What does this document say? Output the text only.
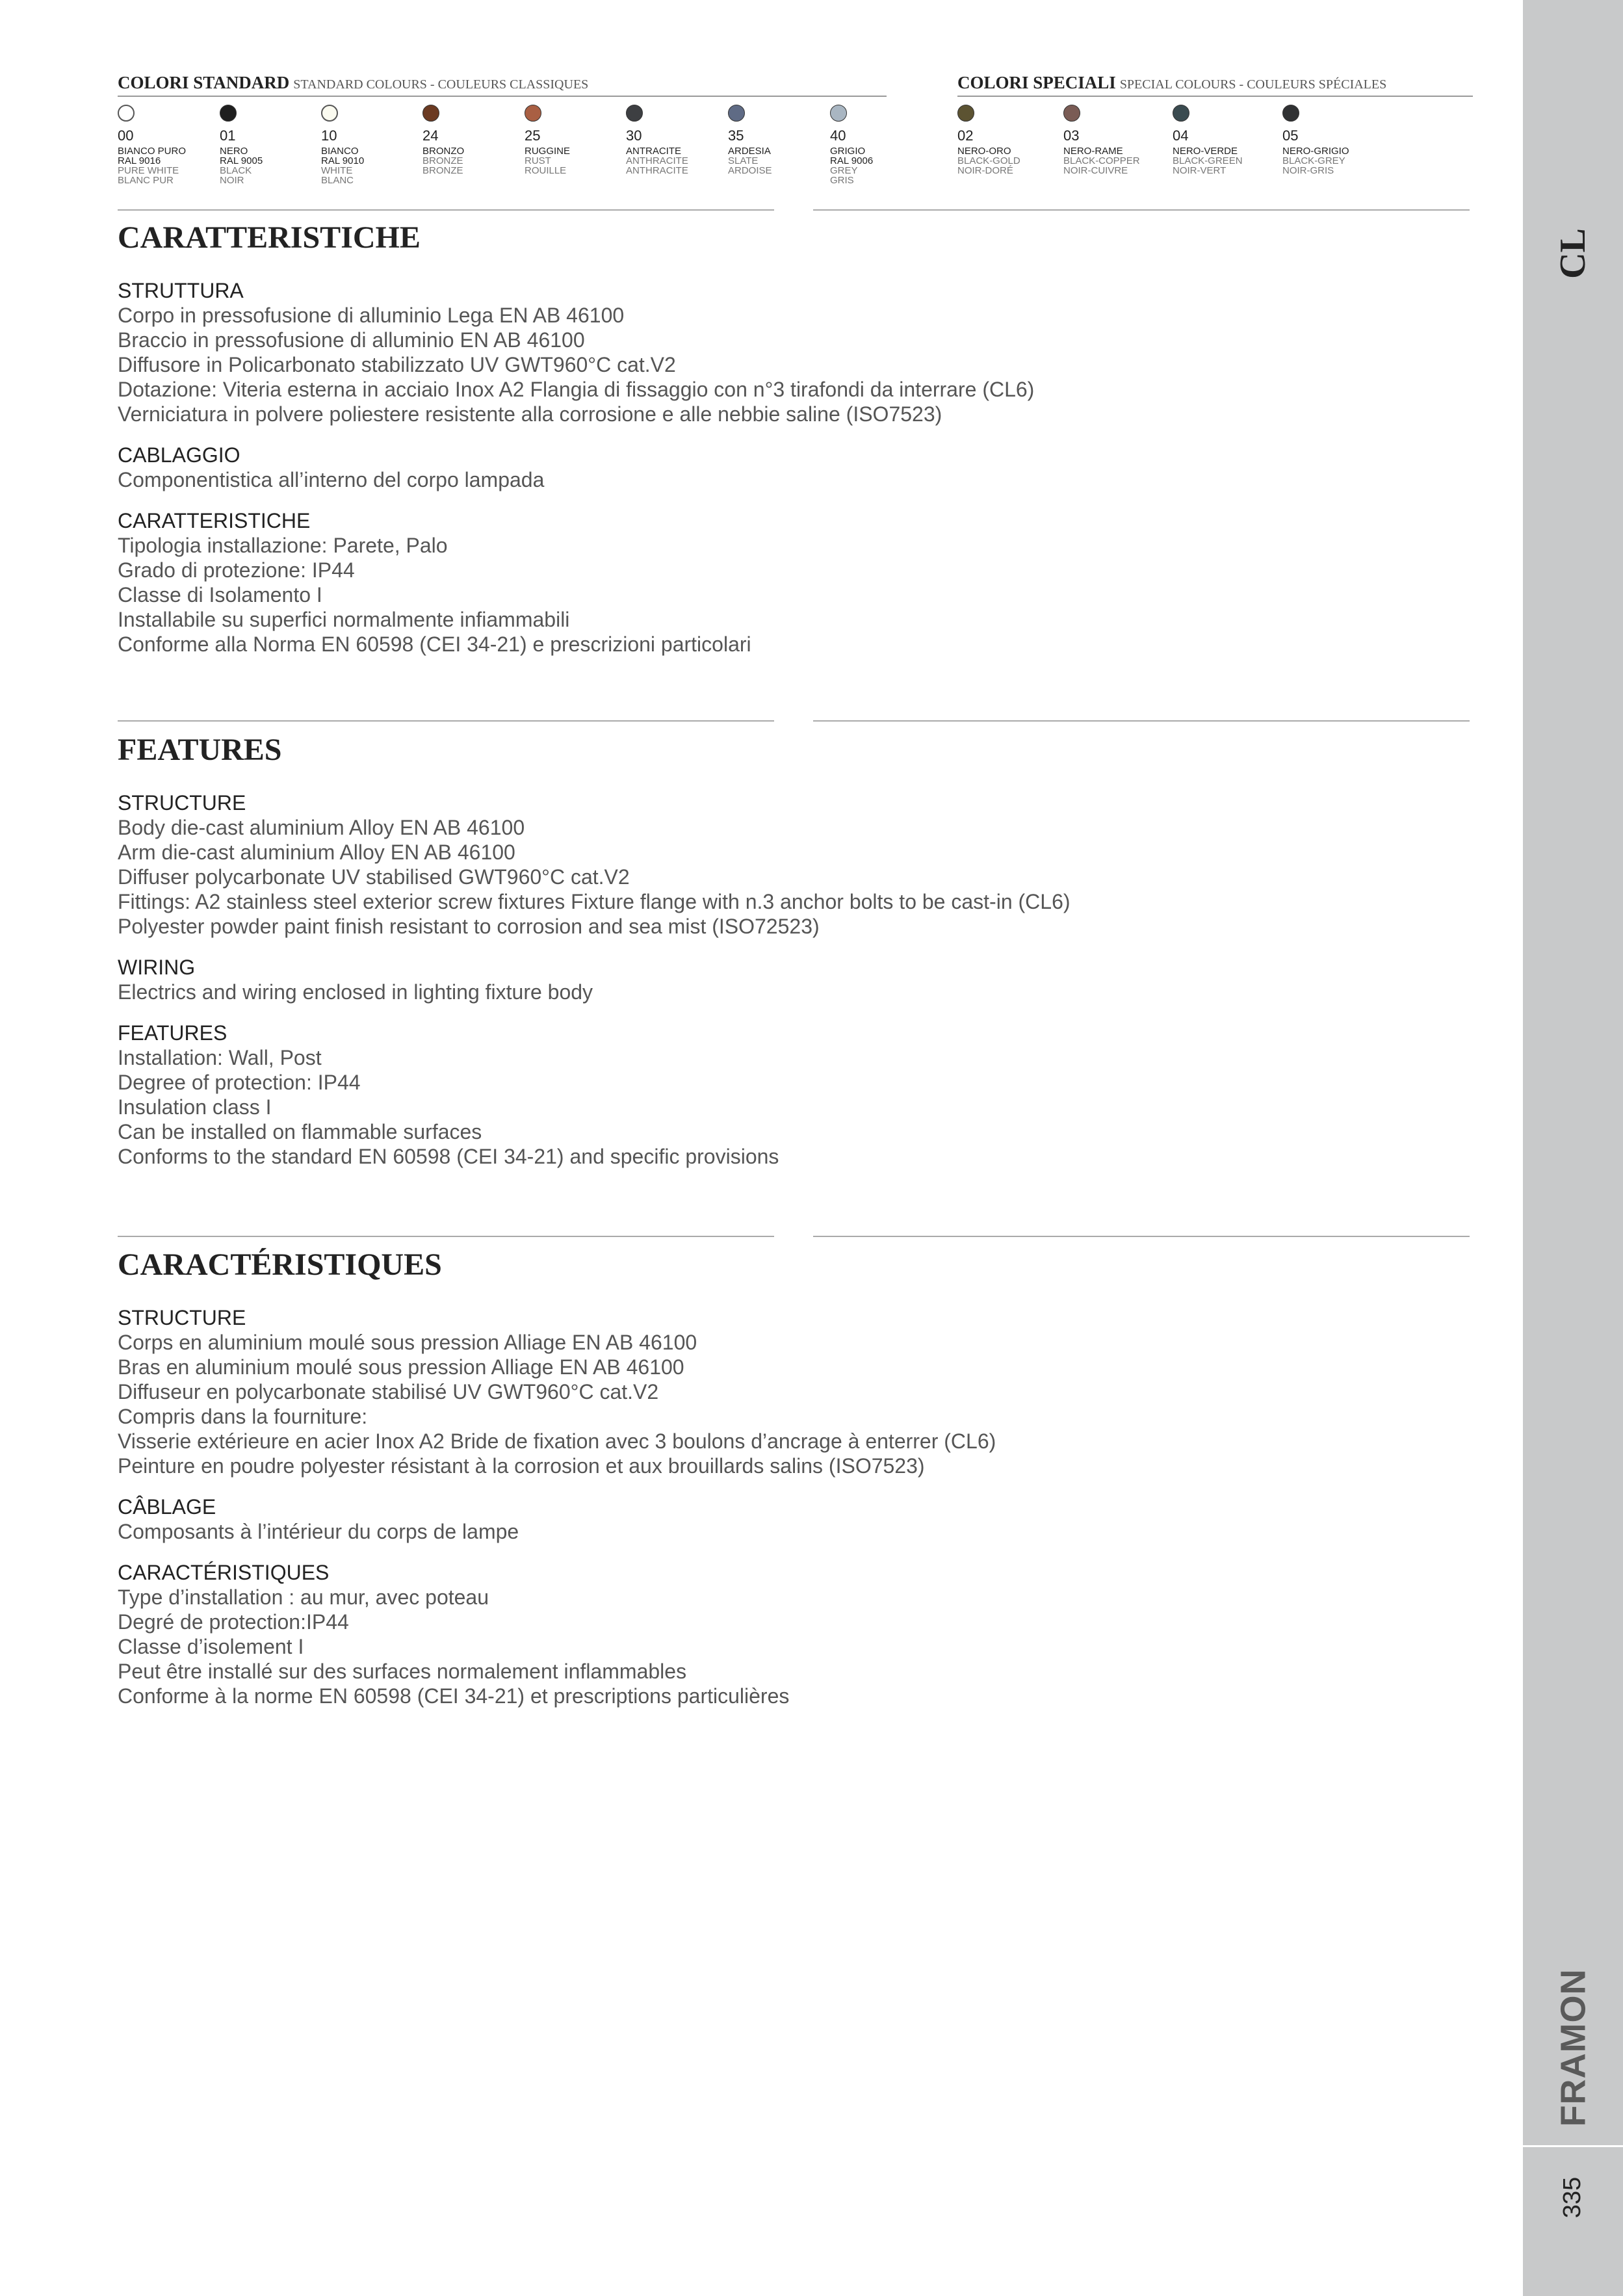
CL
FRAMON
335
COLORI STANDARD STANDARD COLOURS - COULEURS CLASSIQUES
00
BIANCO PURO
RAL 9016
PURE WHITE
BLANC PUR
01
NERO
RAL 9005
BLACK
NOIR
10
BIANCO
RAL 9010
WHITE
BLANC
24
BRONZO
BRONZE
BRONZE
25
RUGGINE
RUST
ROUILLE
30
ANTRACITE
ANTHRACITE
ANTHRACITE
35
ARDESIA
SLATE
ARDOISE
40
GRIGIO
RAL 9006
GREY
GRIS
COLORI SPECIALI SPECIAL COLOURS - COULEURS SPÉCIALES
02
NERO-ORO
BLACK-GOLD
NOIR-DORÉ
03
NERO-RAME
BLACK-COPPER
NOIR-CUIVRE
04
NERO-VERDE
BLACK-GREEN
NOIR-VERT
05
NERO-GRIGIO
BLACK-GREY
NOIR-GRIS
CARATTERISTICHE
STRUTTURA
Corpo in pressofusione di alluminio Lega EN AB 46100
Braccio in pressofusione di alluminio EN AB 46100
Diffusore in Policarbonato stabilizzato UV GWT960°C cat.V2
Dotazione: Viteria esterna in acciaio Inox A2 Flangia di fissaggio con n°3 tirafondi da interrare (CL6)
Verniciatura in polvere poliestere resistente alla corrosione e alle nebbie saline (ISO7523)
CABLAGGIO
Componentistica all’interno del corpo lampada
CARATTERISTICHE
Tipologia installazione: Parete, Palo
Grado di protezione: IP44
Classe di Isolamento I
Installabile su superfici normalmente infiammabili
Conforme alla Norma EN 60598 (CEI 34-21) e prescrizioni particolari
FEATURES
STRUCTURE
Body die-cast aluminium Alloy EN AB 46100
Arm die-cast aluminium Alloy EN AB 46100
Diffuser polycarbonate UV stabilised GWT960°C cat.V2
Fittings: A2 stainless steel exterior screw fixtures Fixture flange with n.3 anchor bolts to be cast-in (CL6)
Polyester powder paint finish resistant to corrosion and sea mist (ISO72523)
WIRING
Electrics and wiring enclosed in lighting fixture body
FEATURES
Installation: Wall, Post
Degree of protection: IP44
Insulation class I
Can be installed on flammable surfaces
Conforms to the standard EN 60598 (CEI 34-21) and specific provisions
CARACTÉRISTIQUES
STRUCTURE
Corps en aluminium moulé sous pression Alliage EN AB 46100
Bras en aluminium moulé sous pression Alliage EN AB 46100
Diffuseur en polycarbonate stabilisé UV GWT960°C cat.V2
Compris dans la fourniture:
Visserie extérieure en acier Inox A2 Bride de fixation avec 3 boulons d’ancrage à enterrer (CL6)
Peinture en poudre polyester résistant à la corrosion et aux brouillards salins (ISO7523)
CÂBLAGE
Composants à l’intérieur du corps de lampe
CARACTÉRISTIQUES
Type d’installation : au mur, avec poteau
Degré de protection:IP44
Classe d’isolement I
Peut être installé sur des surfaces normalement inflammables
Conforme à la norme EN 60598 (CEI 34-21) et prescriptions particulières
